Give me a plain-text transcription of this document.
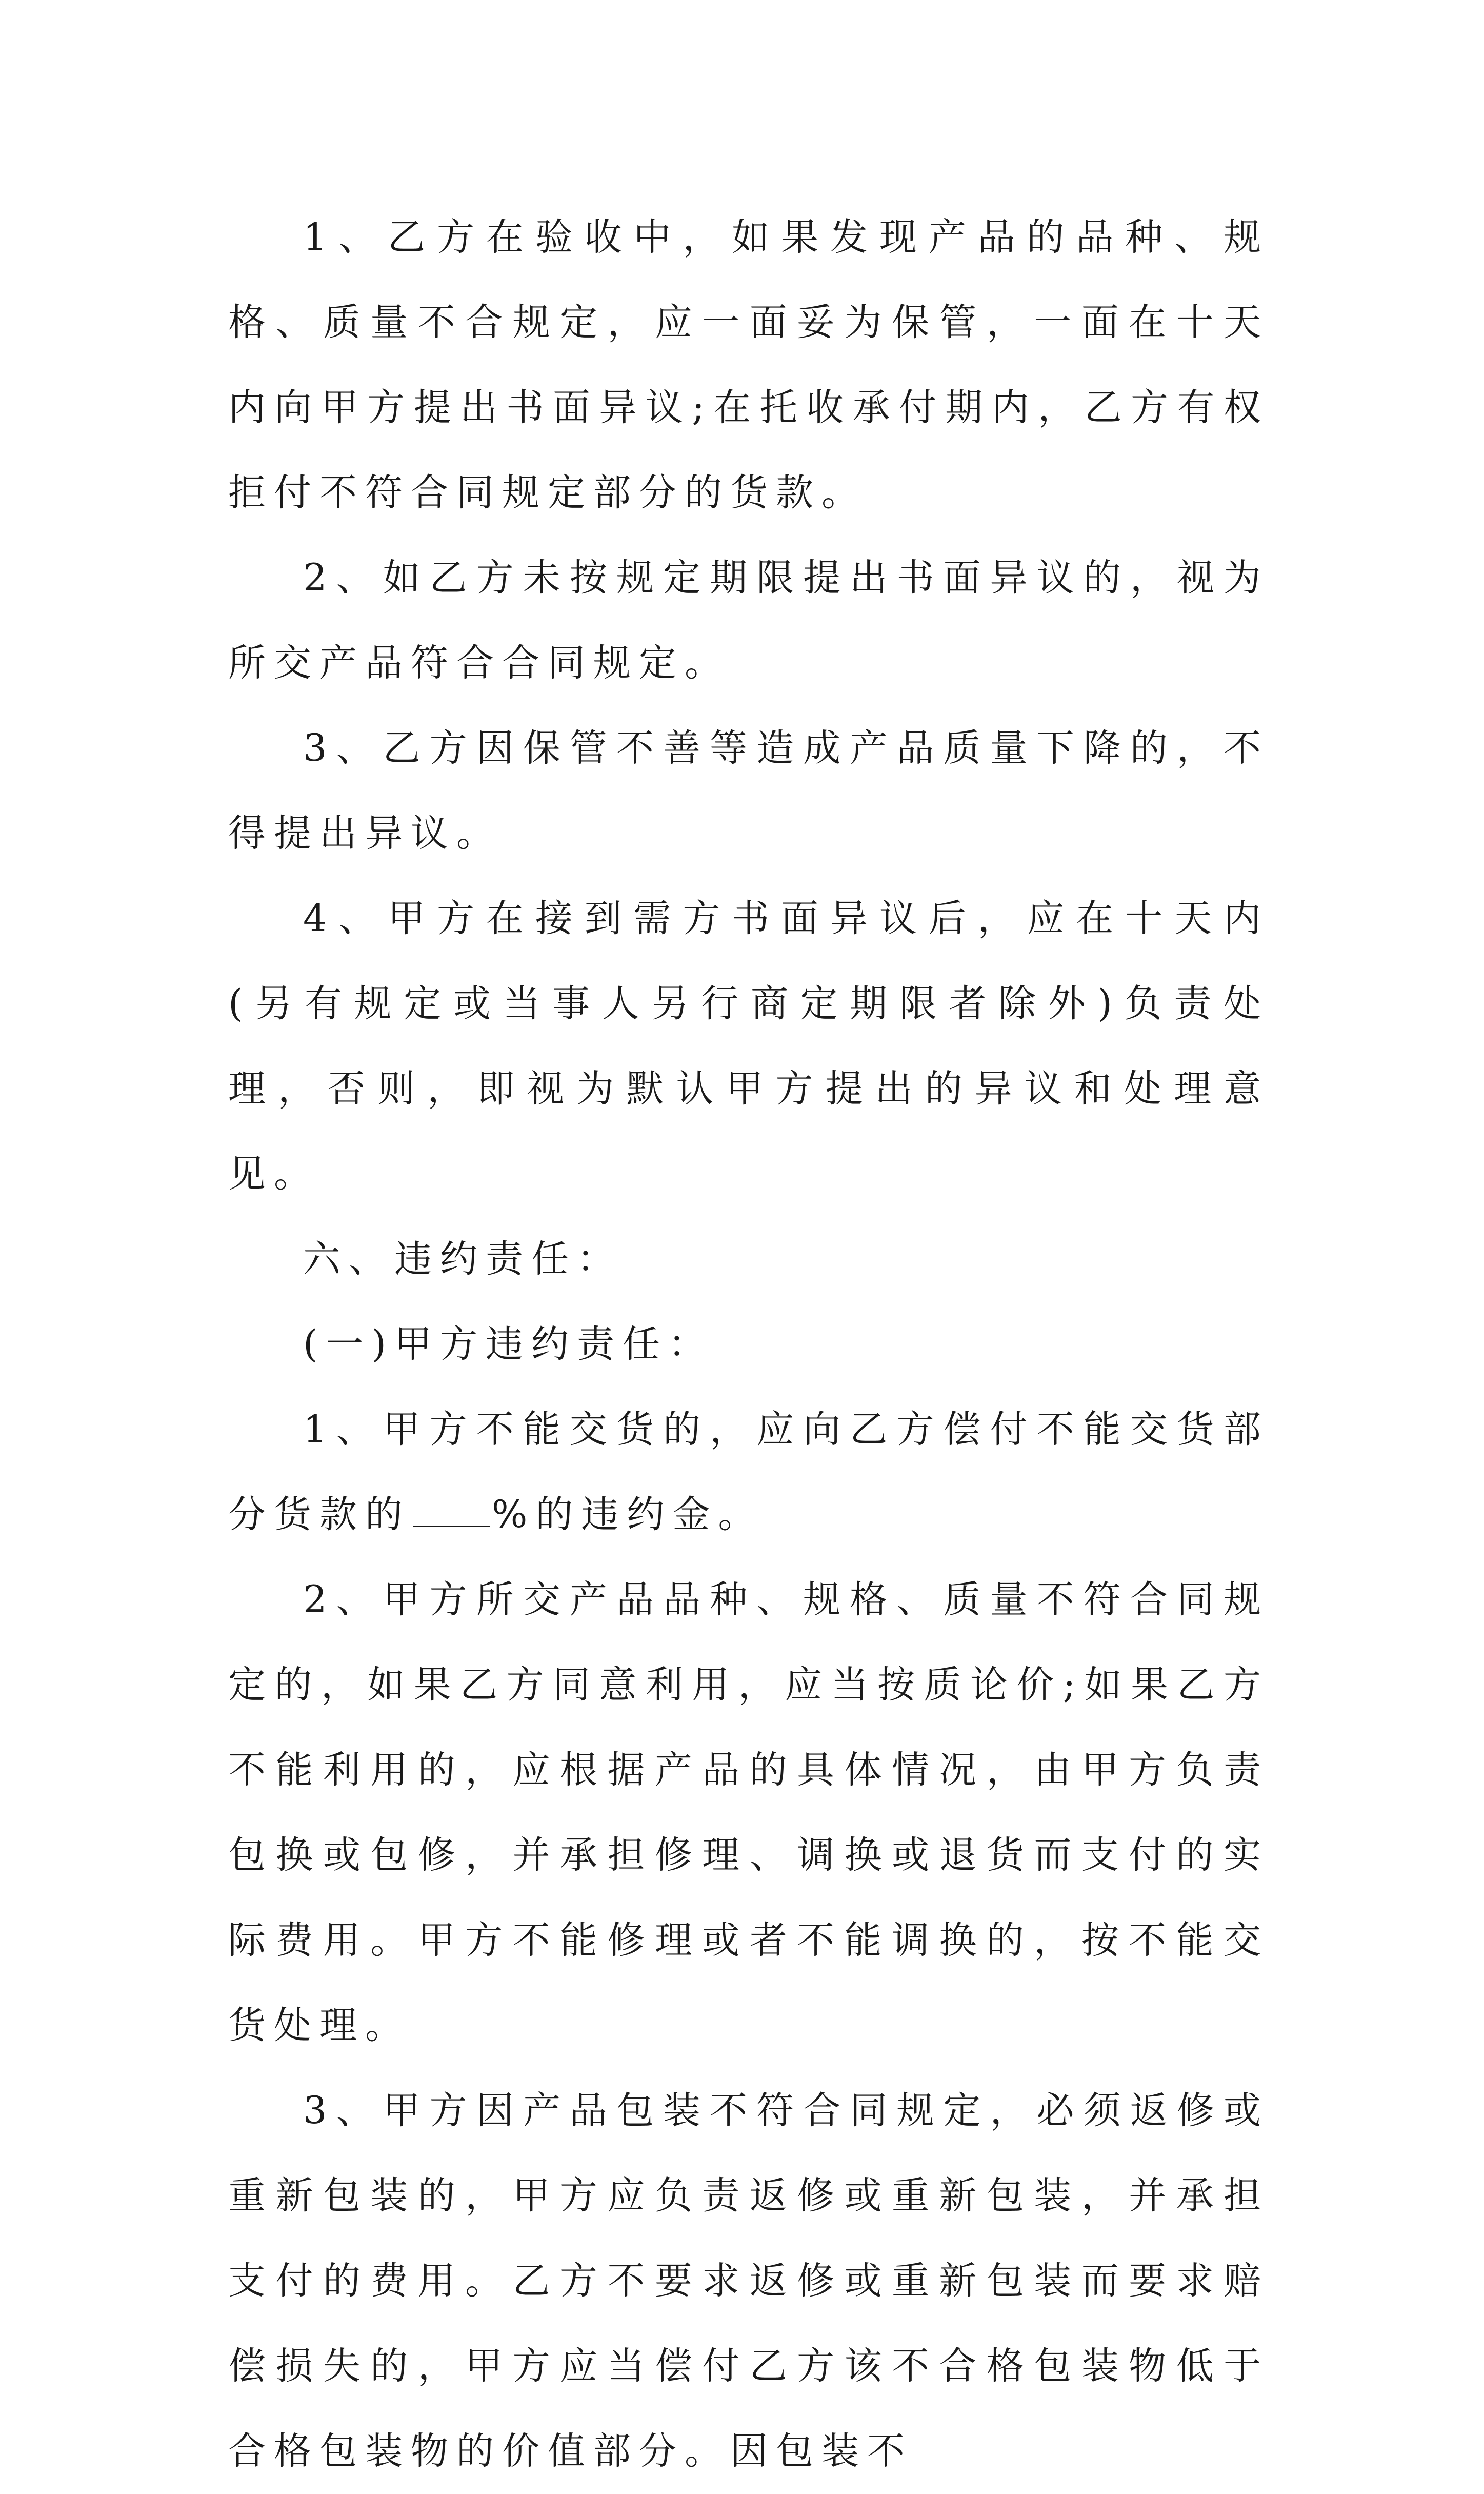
1、乙方在验收中，如果发现产品的品种、规格、质量不合规定，应一面妥为保管，一面在十天内向甲方提出书面异议;在托收承付期内，乙方有权拒付不符合同规定部分的货款。

2、如乙方未按规定期限提出书面异议的，视为所交产品符合合同规定。

3、乙方因保管不善等造成产品质量下降的，不得提出异议。

4、甲方在接到需方书面异议后，应在十天内(另有规定或当事人另行商定期限者除外)负责处理，否则，即视为默认甲方提出的异议和处理意见。

六、违约责任：

(一)甲方违约责任：

1、甲方不能交货的，应向乙方偿付不能交货部分货款的 %的违约金。

2、甲方所交产品品种、规格、质量不符合同规定的，如果乙方同意利用，应当按质论价;如果乙方不能利用的，应根据产品的具体情况，由甲方负责包换或包修，并承担修理、调换或退货而支付的实际费用。甲方不能修理或者不能调换的，按不能交货处理。

3、甲方因产品包装不符合同规定，必须返修或重新包装的，甲方应负责返修或重新包装，并承担支付的费用。乙方不要求返修或重新包装而要求赔偿损失的，甲方应当偿付乙方该不合格包装物低于合格包装物的价值部分。因包装不
